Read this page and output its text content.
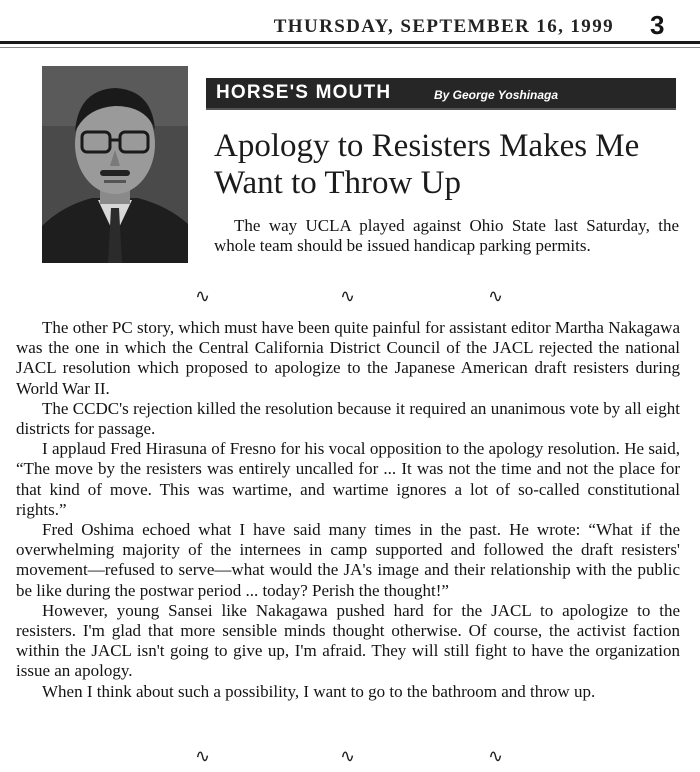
THURSDAY, SEPTEMBER 16, 1999 3
HORSE'S MOUTH	By George Yoshinaga
Apology to Resisters Makes Me Want to Throw Up

The way UCLA played against Ohio State last Saturday, the whole team should be issued handicap parking permits.

∿	∿	∿

The other PC story, which must have been quite painful for assistant editor Martha Nakagawa was the one in which the Central California District Council of the JACL rejected the national JACL resolution which proposed to apologize to the Japanese American draft resisters during World War II.

The CCDC's rejection killed the resolution because it required an unanimous vote by all eight districts for passage.

I applaud Fred Hirasuna of Fresno for his vocal opposition to the apology resolution. He said, “The move by the resisters was entirely uncalled for ... It was not the time and not the place for that kind of move. This was wartime, and wartime ignores a lot of so-called constitutional rights.”

Fred Oshima echoed what I have said many times in the past. He wrote: “What if the overwhelming majority of the internees in camp supported and followed the draft resisters' movement—refused to serve—what would the JA's image and their relationship with the public be like during the postwar period ... today? Perish the thought!”

However, young Sansei like Nakagawa pushed hard for the JACL to apologize to the resisters. I'm glad that more sensible minds thought otherwise. Of course, the activist faction within the JACL isn't going to give up, I'm afraid. They will still fight to have the organization issue an apology.

When I think about such a possibility, I want to go to the bathroom and throw up.

∿	∿	∿
